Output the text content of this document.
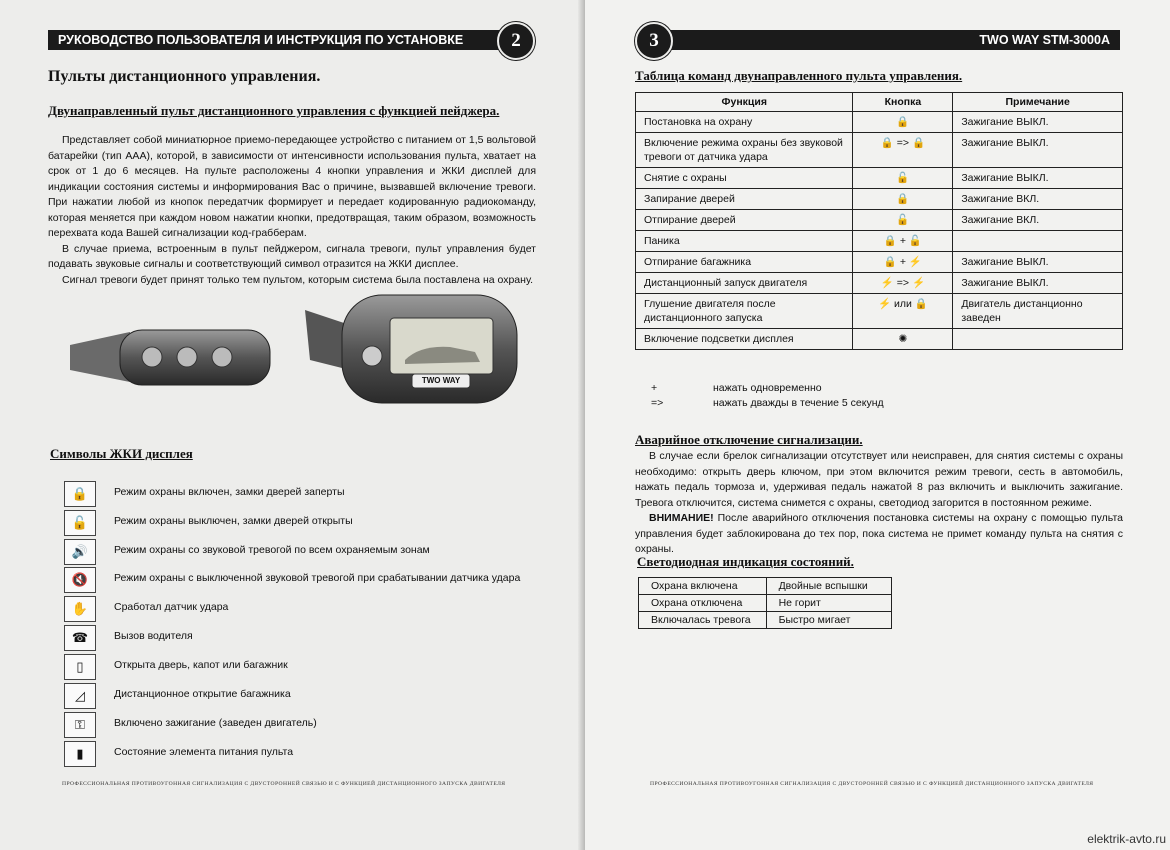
РУКОВОДСТВО ПОЛЬЗОВАТЕЛЯ И ИНСТРУКЦИЯ ПО УСТАНОВКЕ	2
Пульты дистанционного управления.
Двунаправленный пульт дистанционного управления с функцией пейджера.

Представляет собой миниатюрное приемо-передающее устройство с питанием от 1,5 вольтовой батарейки (тип ААА), которой, в зависимости от интенсивности использования пульта, хватает на срок от 1 до 6 месяцев. На пульте расположены 4 кнопки управления и ЖКИ дисплей для индикации состояния системы и информирования Вас о причине, вызвавшей включение тревоги. При нажатии любой из кнопок передатчик формирует и передает кодированную радиокоманду, которая меняется при каждом новом нажатии кнопки, предотвращая, таким образом, возможность перехвата кода Вашей сигнализации код-грабберам.

В случае приема, встроенным в пульт пейджером, сигнала тревоги, пульт управления будет подавать звуковые сигналы и соответствующий символ отразится на ЖКИ дисплее.

Сигнал тревоги будет принят только тем пультом, которым система была поставлена на охрану.

TWO WAY
Символы ЖКИ дисплея
🔒	Режим охраны включен, замки дверей заперты
🔓	Режим охраны выключен, замки дверей открыты
🔊	Режим охраны со звуковой тревогой по всем охраняемым зонам
🔇	Режим охраны с выключенной звуковой тревогой при срабатывании датчика удара
✋	Сработал датчик удара
☎	Вызов водителя
▯	Открыта дверь, капот или багажник
◿	Дистанционное открытие багажника
⚿	Включено зажигание (заведен двигатель)
▮	Состояние элемента питания пульта
ПРОФЕССИОНАЛЬНАЯ ПРОТИВОУГОННАЯ СИГНАЛИЗАЦИЯ С ДВУСТОРОННЕЙ СВЯЗЬЮ И С ФУНКЦИЕЙ ДИСТАНЦИОННОГО ЗАПУСКА ДВИГАТЕЛЯ
TWO WAY STM-3000A
3
Таблица команд двунаправленного пульта управления.
Функция	Кнопка	Примечание
Постановка на охрану	🔒	Зажигание ВЫКЛ.
Включение режима охраны без звуковой тревоги от датчика удара	🔒 => 🔒	Зажигание ВЫКЛ.
Снятие с охраны	🔓	Зажигание ВЫКЛ.
Запирание дверей	🔒	Зажигание ВКЛ.
Отпирание дверей	🔓	Зажигание ВКЛ.
Паника	🔒 + 🔓	
Отпирание багажника	🔒 + ⚡	Зажигание ВЫКЛ.
Дистанционный запуск двигателя	⚡ => ⚡	Зажигание ВЫКЛ.
Глушение двигателя после дистанционного запуска	⚡ или 🔒	Двигатель дистанционно заведен
Включение подсветки дисплея	✺	
+	нажать одновременно
=>	нажать дважды в течение 5 секунд
Аварийное отключение сигнализации.

В случае если брелок сигнализации отсутствует или неисправен, для снятия системы с охраны необходимо: открыть дверь ключом, при этом включится режим тревоги, сесть в автомобиль, нажать педаль тормоза и, удерживая педаль нажатой 8 раз включить и выключить зажигание. Тревога отключится, система снимется с охраны, светодиод загорится в постоянном режиме.

ВНИМАНИЕ! После аварийного отключения постановка системы на охрану с помощью пульта управления будет заблокирована до тех пор, пока система не примет команду пульта на снятия с охраны.

Светодиодная индикация состояний.
Охрана включена	Двойные вспышки
Охрана отключена	Не горит
Включалась тревога	Быстро мигает
ПРОФЕССИОНАЛЬНАЯ ПРОТИВОУГОННАЯ СИГНАЛИЗАЦИЯ С ДВУСТОРОННЕЙ СВЯЗЬЮ И С ФУНКЦИЕЙ ДИСТАНЦИОННОГО ЗАПУСКА ДВИГАТЕЛЯ
elektrik-avto.ru
